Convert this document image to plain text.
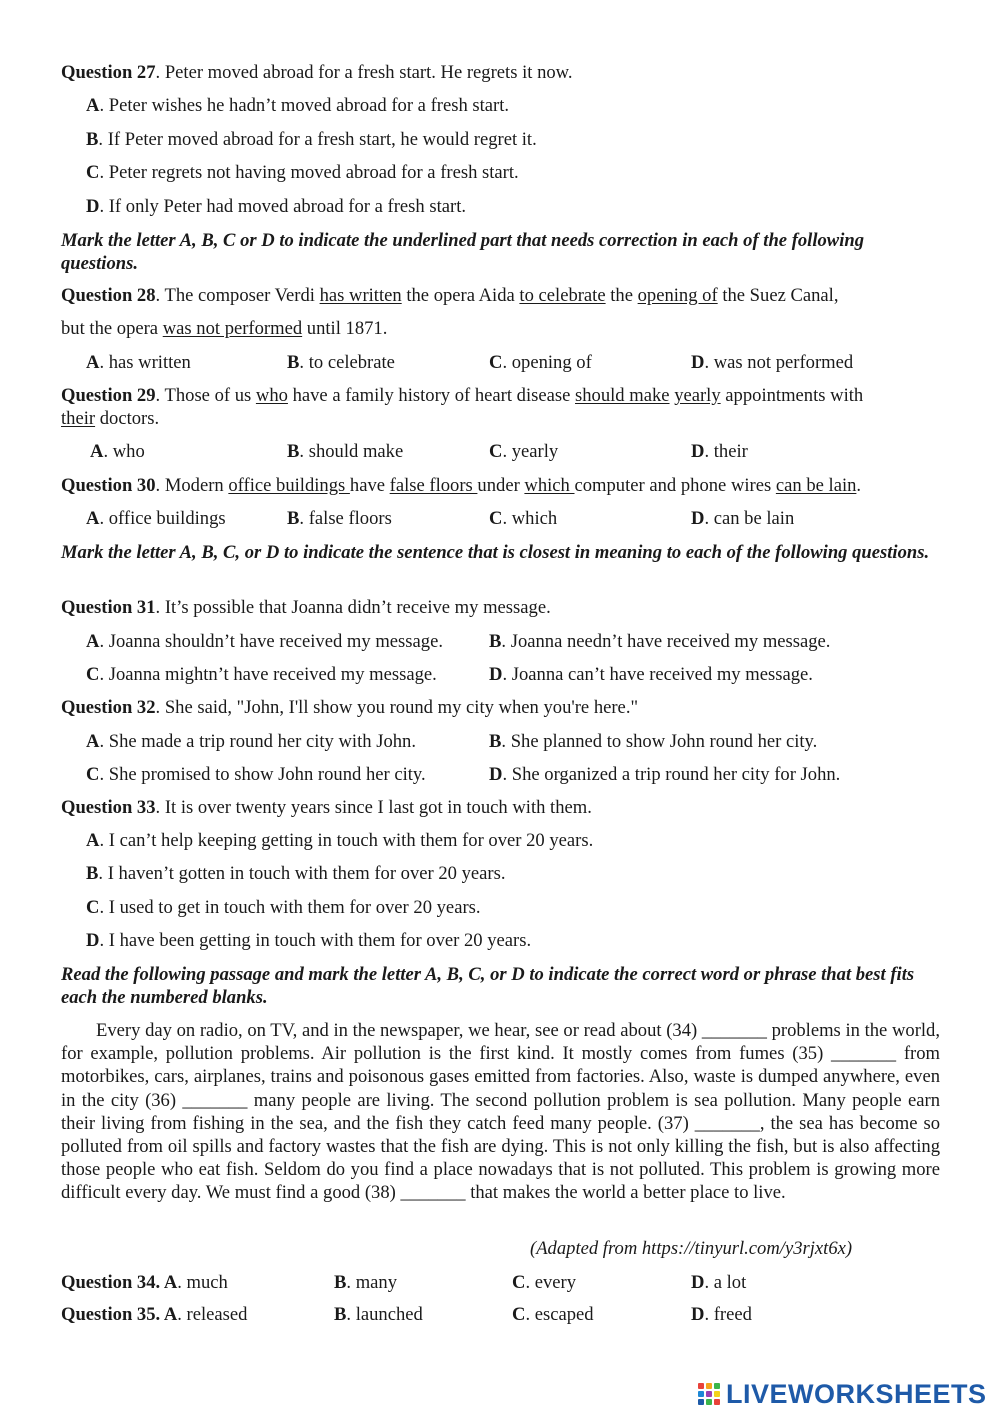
Question 27. Peter moved abroad for a fresh start. He regrets it now.
A. Peter wishes he hadn’t moved abroad for a fresh start.
B. If Peter moved abroad for a fresh start, he would regret it.
C. Peter regrets not having moved abroad for a fresh start.
D. If only Peter had moved abroad for a fresh start.
Mark the letter A, B, C or D to indicate the underlined part that needs correction in each of the following questions.
Question 28. The composer Verdi has written the opera Aida to celebrate the opening of the Suez Canal,
but the opera was not performed until 1871.
A. has written	B. to celebrate	C. opening of	D. was not performed
Question 29. Those of us who have a family history of heart disease should make yearly appointments with
their doctors.
A. who	B. should make	C. yearly	D. their
Question 30. Modern office buildings have false floors under which computer and phone wires can be lain.
A. office buildings	B. false floors	C. which	D. can be lain
Mark the letter A, B, C, or D to indicate the sentence that is closest in meaning to each of the following questions.
Question 31. It’s possible that Joanna didn’t receive my message.
A. Joanna shouldn’t have received my message. B. Joanna needn’t have received my message.
C. Joanna mightn’t have received my message.	D. Joanna can’t have received my message.
Question 32. She said, "John, I'll show you round my city when you're here."
A. She made a trip round her city with John.	B. She planned to show John round her city.
C. She promised to show John round her city.	D. She organized a trip round her city for John.
Question 33. It is over twenty years since I last got in touch with them.
A. I can’t help keeping getting in touch with them for over 20 years.
B. I haven’t gotten in touch with them for over 20 years.
C. I used to get in touch with them for over 20 years.
D. I have been getting in touch with them for over 20 years.
Read the following passage and mark the letter A, B, C, or D to indicate the correct word or phrase that best fits each the numbered blanks.
Every day on radio, on TV, and in the newspaper, we hear, see or read about (34) _______ problems in the world, for example, pollution problems. Air pollution is the first kind. It mostly comes from fumes (35) _______ from motorbikes, cars, airplanes, trains and poisonous gases emitted from factories. Also, waste is dumped anywhere, even in the city (36) _______ many people are living. The second pollution problem is sea pollution. Many people earn their living from fishing in the sea, and the fish they catch feed many people. (37) _______, the sea has become so polluted from oil spills and factory wastes that the fish are dying. This is not only killing the fish, but is also affecting those people who eat fish. Seldom do you find a place nowadays that is not polluted. This problem is growing more difficult every day. We must find a good (38) _______ that makes the world a better place to live.
(Adapted from https://tinyurl.com/y3rjxt6x)
Question 34. A. much	B. many	C. every	D. a lot
Question 35. A. released	B. launched	C. escaped	D. freed
LIVEWORKSHEETS
